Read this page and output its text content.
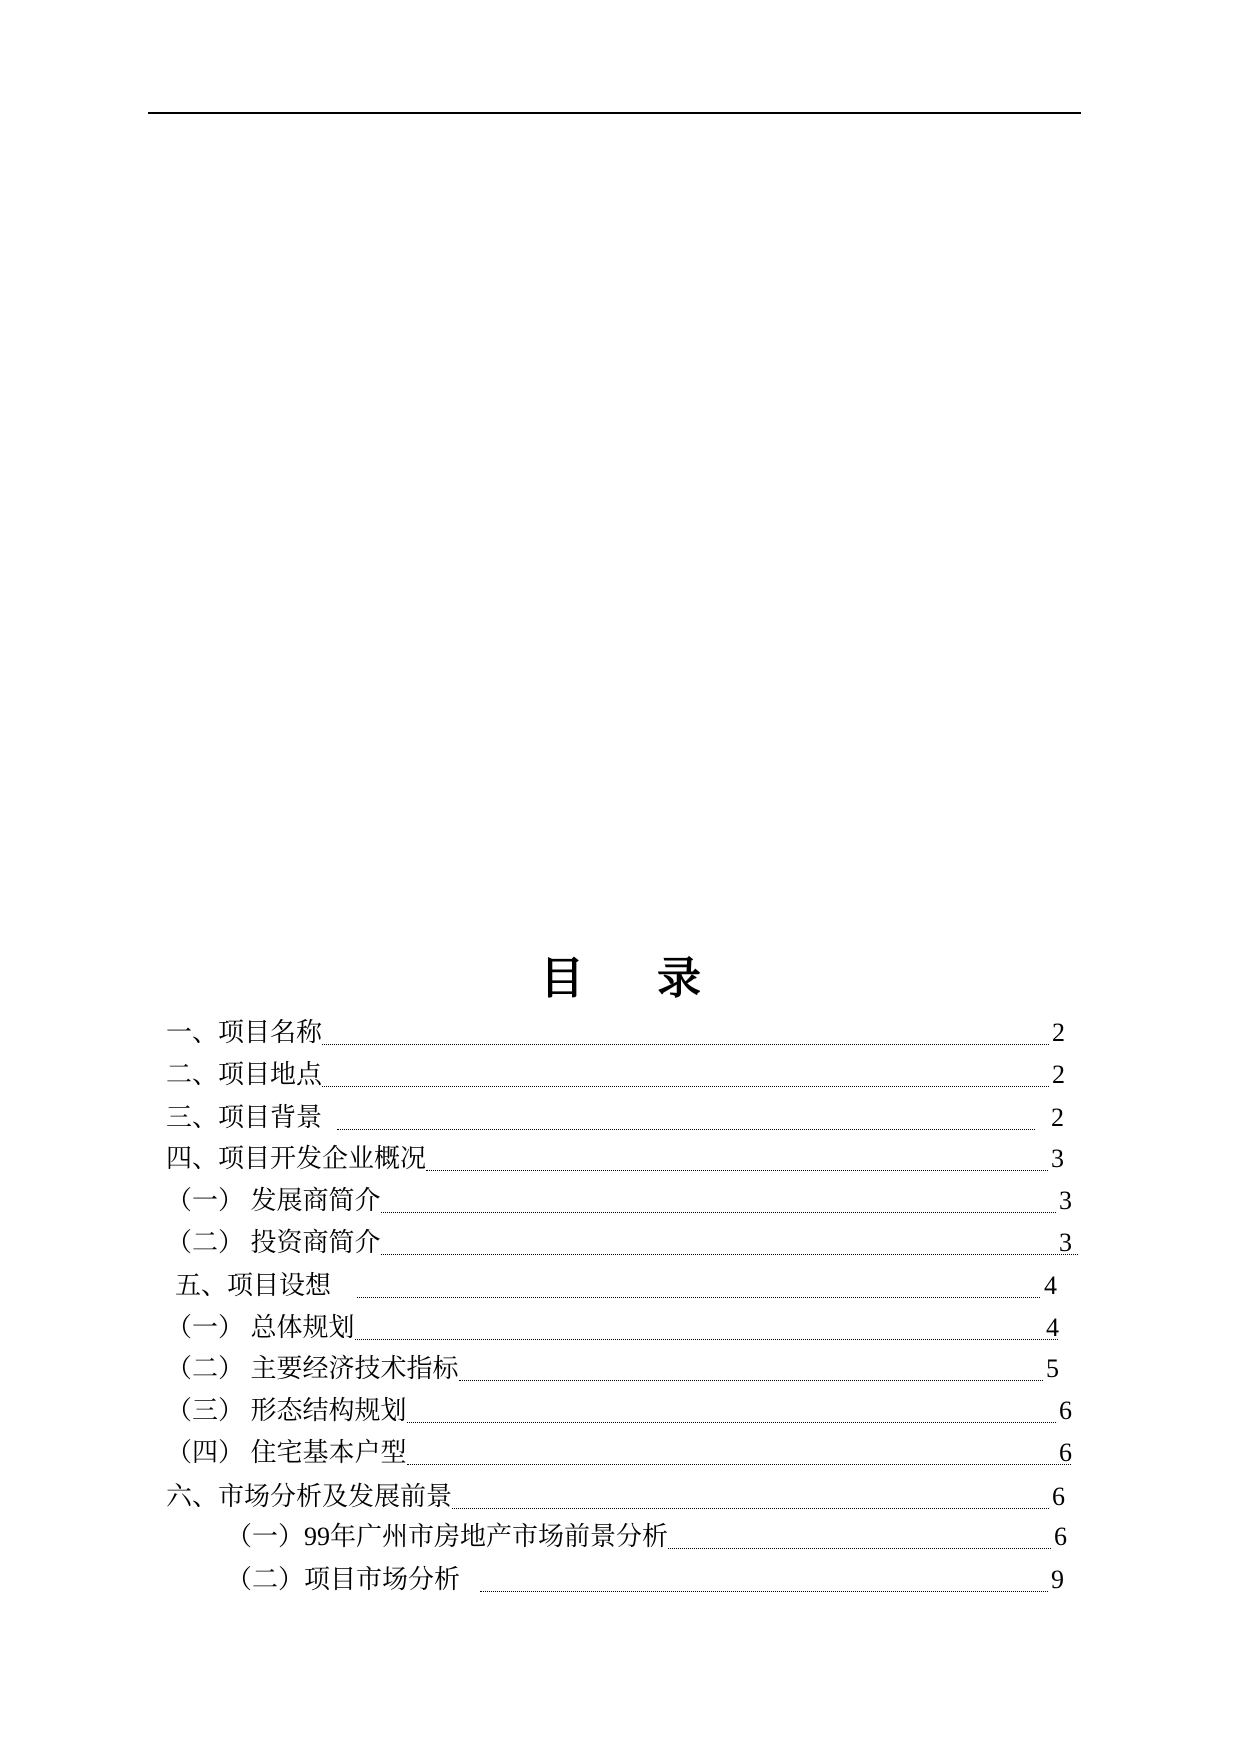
目 录
一、项目名称	2
二、项目地点	2
三、项目背景	2
四、项目开发企业概况	3
（一） 发展商简介	3
（二） 投资商简介	3
五、项目设想	4
（一） 总体规划	4
（二） 主要经济技术指标	5
（三） 形态结构规划	6
（四） 住宅基本户型	6
六、市场分析及发展前景	6
（一）99年广州市房地产市场前景分析	6
（二）项目市场分析	9
